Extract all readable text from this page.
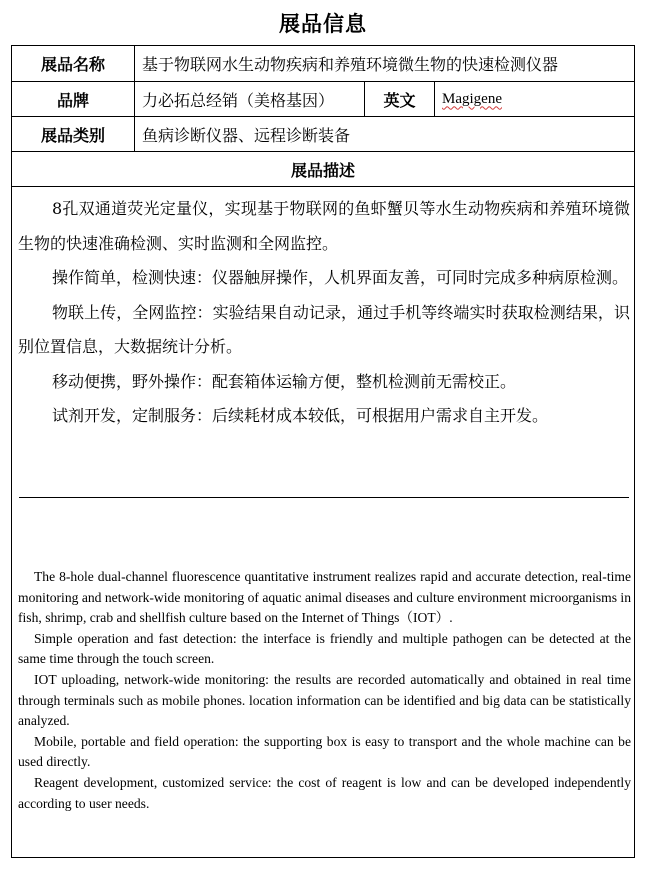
展品信息
展品名称	基于物联网水生动物疾病和养殖环境微生物的快速检测仪器
品牌	力必拓总经销（美格基因）	英文	Magigene
展品类别	鱼病诊断仪器、远程诊断装备
展品描述

8孔双通道荧光定量仪，实现基于物联网的鱼虾蟹贝等水生动物疾病和养殖环境微生物的快速准确检测、实时监测和全网监控。

操作简单，检测快速：仪器触屏操作，人机界面友善，可同时完成多种病原检测。

物联上传，全网监控：实验结果自动记录，通过手机等终端实时获取检测结果，识别位置信息，大数据统计分析。

移动便携，野外操作：配套箱体运输方便，整机检测前无需校正。

试剂开发，定制服务：后续耗材成本较低，可根据用户需求自主开发。

The 8-hole dual-channel fluorescence quantitative instrument realizes rapid and accurate detection, real-time monitoring and network-wide monitoring of aquatic animal diseases and culture environment microorganisms in fish, shrimp, crab and shellfish culture based on the Internet of Things（IOT）.

Simple operation and fast detection: the interface is friendly and multiple pathogen can be detected at the same time through the touch screen.

IOT uploading, network-wide monitoring: the results are recorded automatically and obtained in real time through terminals such as mobile phones. location information can be identified and big data can be statistically analyzed.

Mobile, portable and field operation: the supporting box is easy to transport and the whole machine can be used directly.

Reagent development, customized service: the cost of reagent is low and can be developed independently according to user needs.
